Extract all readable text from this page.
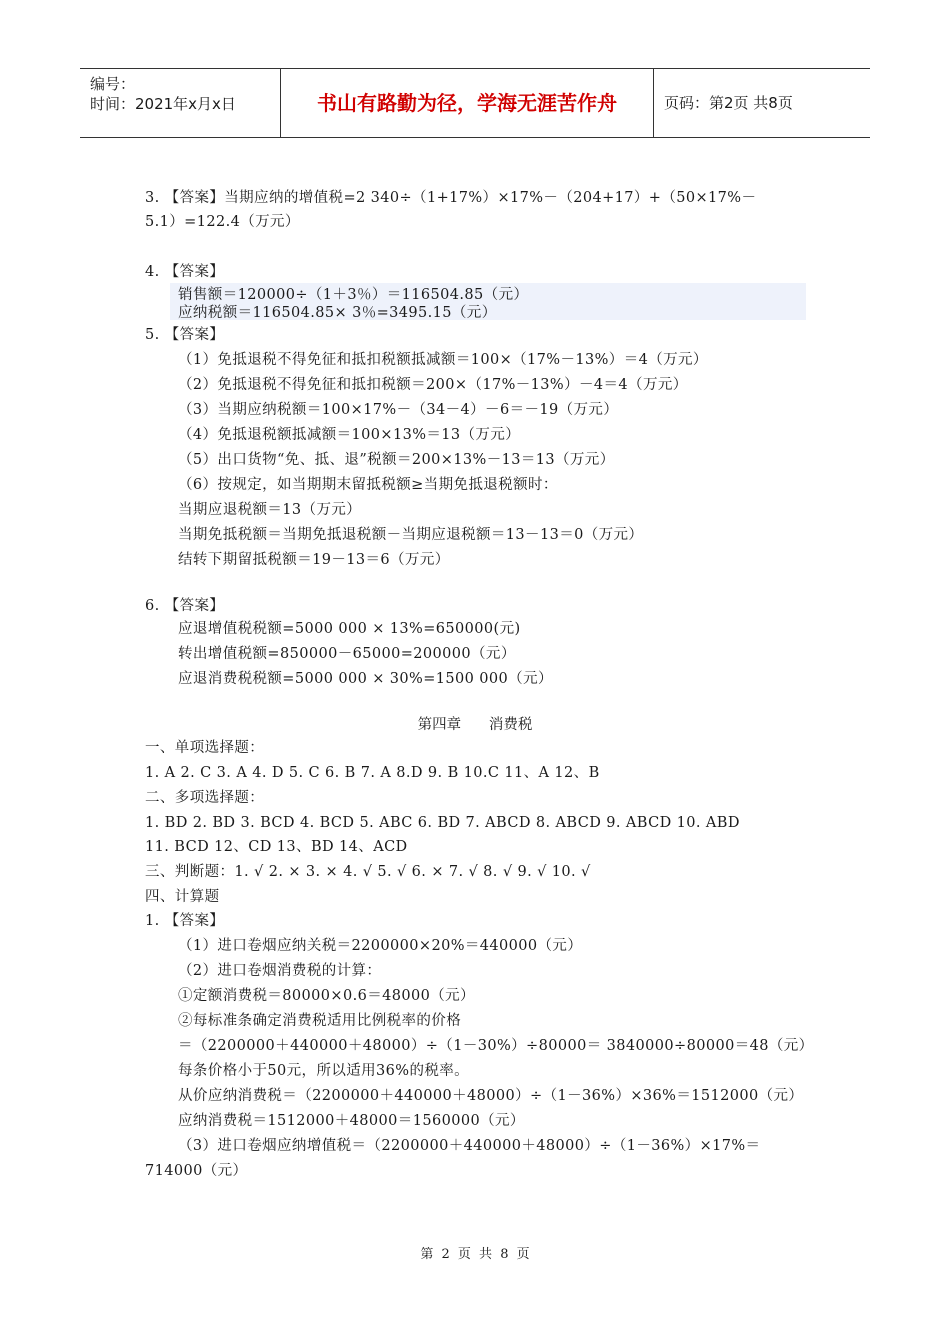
编号：
时间：2021年x月x日	书山有路勤为径，学海无涯苦作舟	页码：第2页 共8页
3. 【答案】当期应纳的增值税=2 340÷（1+17%）×17%－（204+17）+（50×17%－
5.1）=122.4（万元）
4. 【答案】
销售额＝120000÷（1＋3％）＝116504.85（元）
应纳税额＝116504.85× 3％=3495.15（元）
5. 【答案】
（1）免抵退税不得免征和抵扣税额抵减额＝100×（17%－13%）＝4（万元）
（2）免抵退税不得免征和抵扣税额＝200×（17%－13%）－4＝4（万元）
（3）当期应纳税额＝100×17%－（34－4）－6＝－19（万元）
（4）免抵退税额抵减额＝100×13%＝13（万元）
（5）出口货物“免、抵、退”税额＝200×13%－13＝13（万元）
（6）按规定，如当期期末留抵税额≥当期免抵退税额时：
当期应退税额＝13（万元）
当期免抵税额＝当期免抵退税额－当期应退税额＝13－13＝0（万元）
结转下期留抵税额＝19－13＝6（万元）
6. 【答案】
应退增值税税额=5000 000 × 13%=650000(元)
转出增值税额=850000－65000=200000（元）
应退消费税税额=5000 000 × 30%=1500 000（元）
一、单项选择题：
1. A 2. C 3. A 4. D 5. C 6. B 7. A 8.D 9. B 10.C 11、A 12、B
二、多项选择题：
1. BD 2. BD 3. BCD 4. BCD 5. ABC 6. BD 7. ABCD 8. ABCD 9. ABCD 10. ABD
11. BCD 12、CD 13、BD 14、ACD
三、判断题：1. √ 2. × 3. × 4. √ 5. √ 6. × 7. √ 8. √ 9. √ 10. √
四、计算题
1. 【答案】
（1）进口卷烟应纳关税＝2200000×20%＝440000（元）
（2）进口卷烟消费税的计算：
①定额消费税＝80000×0.6＝48000（元）
②每标准条确定消费税适用比例税率的价格
＝（2200000＋440000＋48000）÷（1－30%）÷80000＝ 3840000÷80000＝48（元）
每条价格小于50元，所以适用36%的税率。
从价应纳消费税＝（2200000＋440000＋48000）÷（1－36%）×36%＝1512000（元）
应纳消费税＝1512000＋48000＝1560000（元）
（3）进口卷烟应纳增值税＝（2200000＋440000＋48000）÷（1－36%）×17%＝
714000（元）
第四章      消费税
第 2 页 共 8 页
